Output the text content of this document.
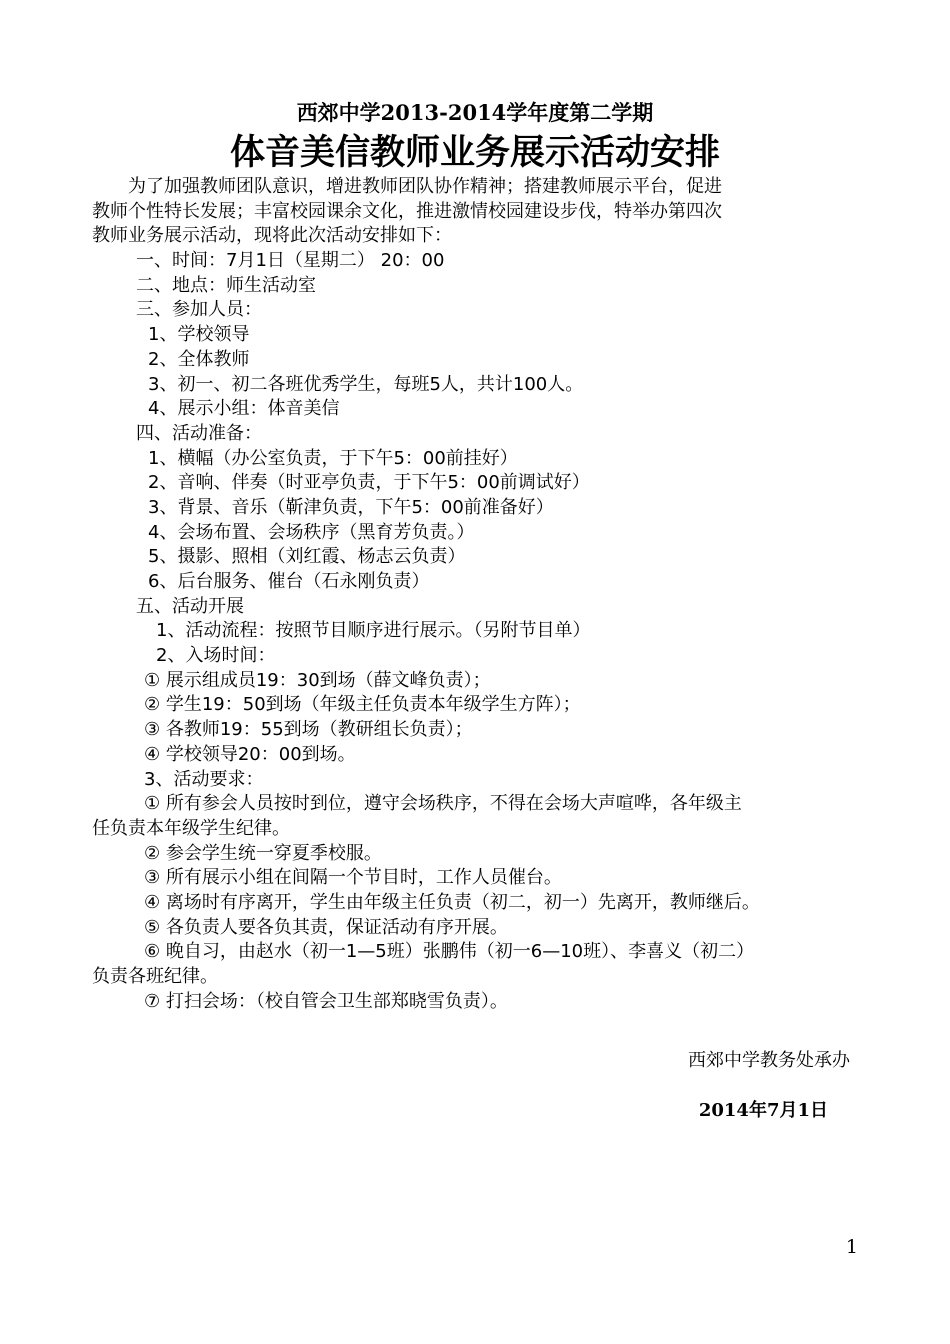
西郊中学2013-2014学年度第二学期
体音美信教师业务展示活动安排
　　为了加强教师团队意识，增进教师团队协作精神；搭建教师展示平台，促进
教师个性特长发展；丰富校园课余文化，推进激情校园建设步伐，特举办第四次
教师业务展示活动，现将此次活动安排如下：
一、时间：7月1日（星期二） 20：00
二、地点：师生活动室
三、参加人员：
1、学校领导
2、全体教师
3、初一、初二各班优秀学生，每班5人，共计100人。
4、展示小组：体音美信
四、活动准备：
1、横幅（办公室负责，于下午5：00前挂好）
2、音响、伴奏（时亚亭负责，于下午5：00前调试好）
3、背景、音乐（靳津负责，下午5：00前准备好）
4、会场布置、会场秩序（黑育芳负责。）
5、摄影、照相（刘红霞、杨志云负责）
6、后台服务、催台（石永刚负责）
五、活动开展
1、活动流程：按照节目顺序进行展示。（另附节目单）
2、入场时间：
① 展示组成员19：30到场（薛文峰负责）；
② 学生19：50到场（年级主任负责本年级学生方阵）；
③ 各教师19：55到场（教研组长负责）；
④ 学校领导20：00到场。
3、活动要求：
① 所有参会人员按时到位，遵守会场秩序，不得在会场大声喧哗，各年级主
任负责本年级学生纪律。
② 参会学生统一穿夏季校服。
③ 所有展示小组在间隔一个节目时，工作人员催台。
④ 离场时有序离开，学生由年级主任负责（初二，初一）先离开，教师继后。
⑤ 各负责人要各负其责，保证活动有序开展。
⑥ 晚自习，由赵水（初一1—5班）张鹏伟（初一6—10班）、李喜义（初二）
负责各班纪律。
⑦ 打扫会场：（校自管会卫生部郑晓雪负责）。
西郊中学教务处承办
2014年7月1日
1
